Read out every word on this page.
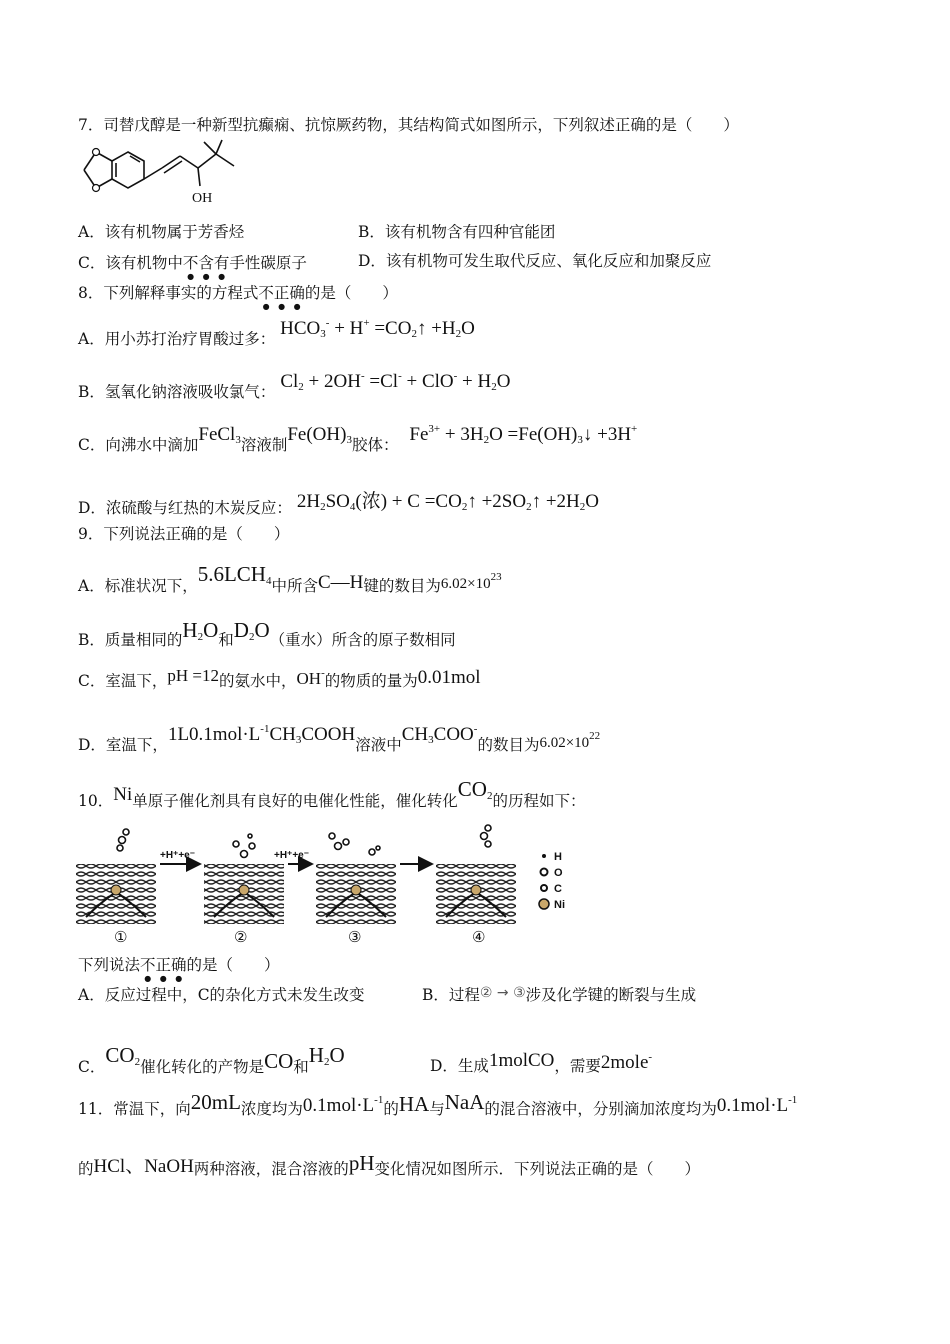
7．司替戊醇是一种新型抗癫痫、抗惊厥药物，其结构简式如图所示，下列叙述正确的是（　　）
OH
A．该有机物属于芳香烃	B．该有机物含有四种官能团
C．该有机物中不含有手性碳原子	D．该有机物可发生取代反应、氧化反应和加聚反应
8．下列解释事实的方程式不正确的是（　　）
A．用小苏打治疗胃酸过多： $HCO_3^- + H^+$ $=CO_2↑ +H_2O$
B．氢氧化钠溶液吸收氯气： $Cl_2 + 2OH^- =Cl^- + ClO^- + H_2O$
C．向沸水中滴加FeCl$_3$溶液制$Fe(OH)_3$胶体： $Fe^{3+} + 3H_2O$ $=Fe(OH)_3↓ +3H^+$
D．浓硫酸与红热的木炭反应： $2H_2SO_4$(浓) + $C =CO_2↑$ $+2SO_2↑ +2H_2O$
9．下列说法正确的是（　　）
A．标准状况下，$5.6LCH_4$中所含C—H键的数目为$6.02\times 10^{23}$
B．质量相同的$H_2O$和$D_2O$（重水）所含的原子数相同
C．室温下，pH =12的氨水中，OH-的物质的量为0.01mol
D．室温下，$1L0.1mol\cdot L^{-1}CH_3COOH$溶液中$CH_3COO^-$的数目为$6.02\times 10^{22}$
10．Ni单原子催化剂具有良好的电催化性能，催化转化$CO_2$的历程如下：
+H⁺+e⁻	+H⁺+e⁻
①	②	③	④
H
O
C
Ni
下列说法不正确的是（　　）
A．反应过程中，C的杂化方式未发生改变	B．过程② → ③涉及化学键的断裂与生成
C．$CO_2$催化转化的产物是CO和$H_2O$	D．生成1molCO，需要2mole-
11．常温下，向20mL浓度均为$0.1mol\cdot L^{-1}$的HA与NaA的混合溶液中，分别滴加浓度均为$0.1mol\cdot L^{-1}$
的HCl、NaOH两种溶液，混合溶液的pH变化情况如图所示．下列说法正确的是（　　）
